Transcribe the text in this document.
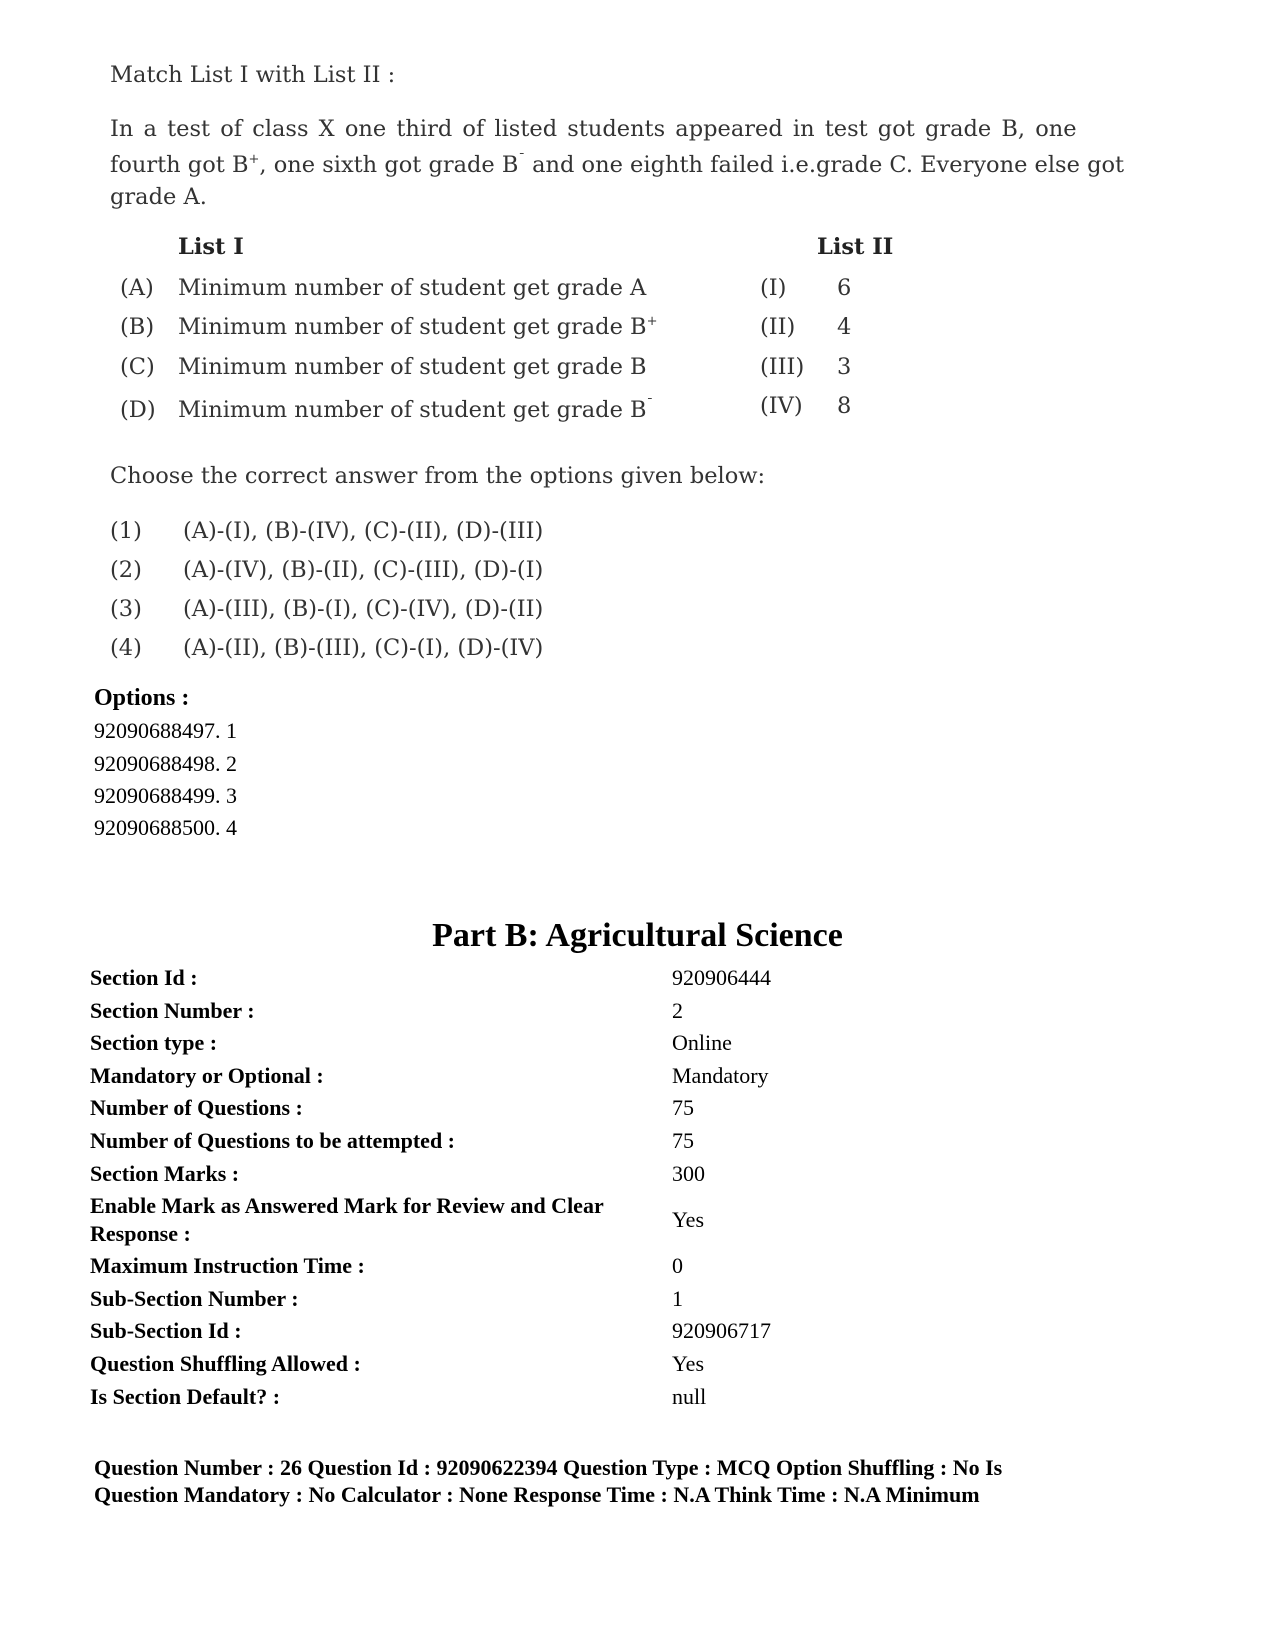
Match List I with List II :
In a test of class X one third of listed students appeared in test got grade B, one
fourth got B+, one sixth got grade B¯ and one eighth failed i.e.grade C. Everyone else got
grade A.
List I	List II
(A) Minimum number of student get grade A	(I) 6
(B) Minimum number of student get grade B+	(II) 4
(C) Minimum number of student get grade B	(III) 3
(D) Minimum number of student get grade B¯	(IV) 8
Choose the correct answer from the options given below:
(1) (A)-(I), (B)-(IV), (C)-(II), (D)-(III)
(2) (A)-(IV), (B)-(II), (C)-(III), (D)-(I)
(3) (A)-(III), (B)-(I), (C)-(IV), (D)-(II)
(4) (A)-(II), (B)-(III), (C)-(I), (D)-(IV)
Options :
92090688497. 1
92090688498. 2
92090688499. 3
92090688500. 4
Part B: Agricultural Science
Section Id :	920906444
Section Number :	2
Section type :	Online
Mandatory or Optional :	Mandatory
Number of Questions :	75
Number of Questions to be attempted :	75
Section Marks :	300
Enable Mark as Answered Mark for Review and Clear
Response :
Yes
Maximum Instruction Time :	0
Sub-Section Number :	1
Sub-Section Id :	920906717
Question Shuffling Allowed :	Yes
Is Section Default? :	null
Question Number : 26 Question Id : 92090622394 Question Type : MCQ Option Shuffling : No Is
Question Mandatory : No Calculator : None Response Time : N.A Think Time : N.A Minimum
